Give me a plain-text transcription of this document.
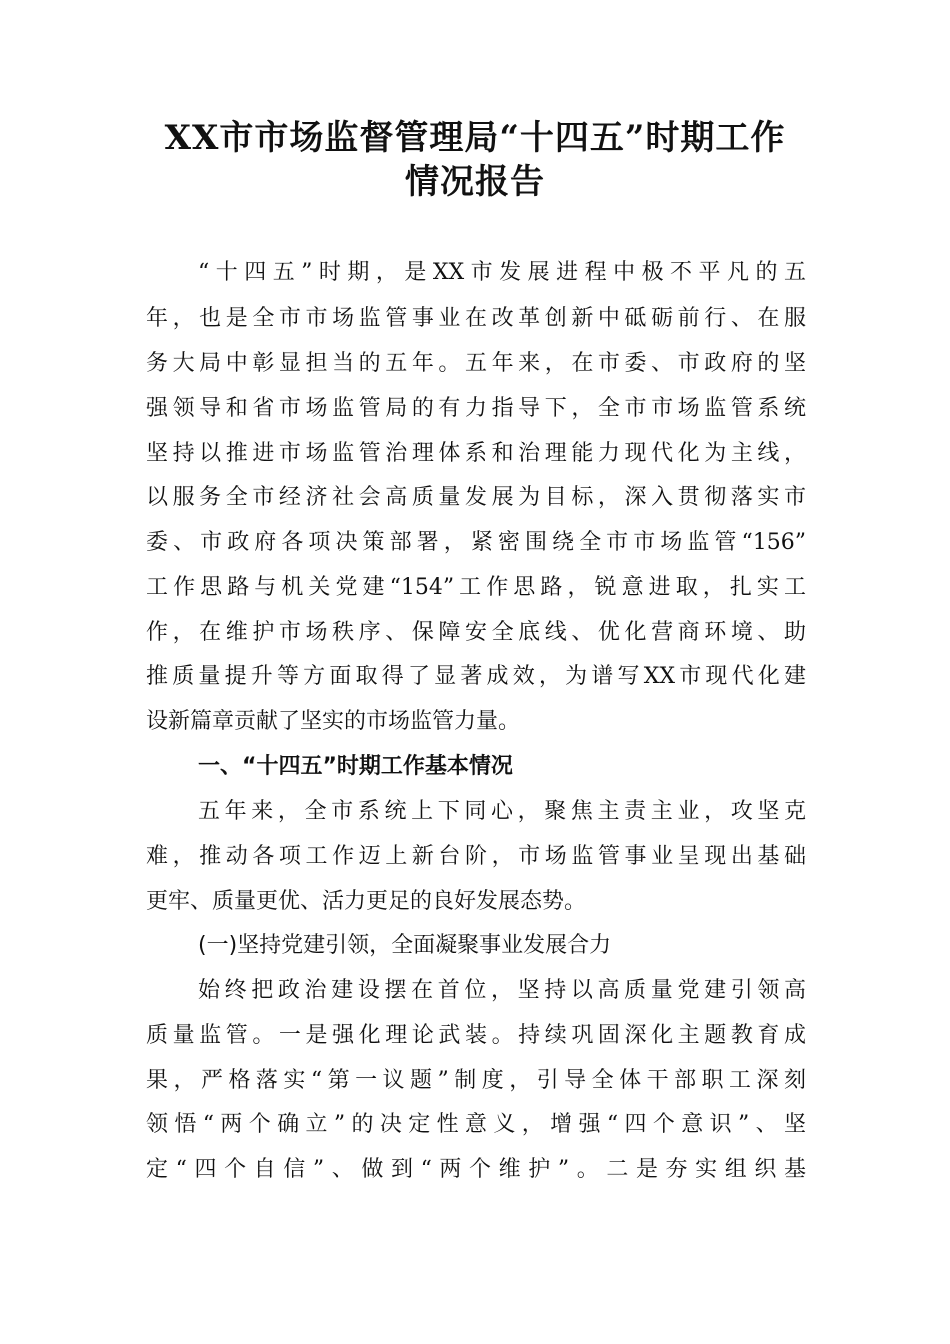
XX市市场监督管理局“十四五”时期工作
情况报告
“十四五”时期，是XX市发展进程中极不平凡的五
年，也是全市市场监管事业在改革创新中砥砺前行、在服
务大局中彰显担当的五年。五年来，在市委、市政府的坚
强领导和省市场监管局的有力指导下，全市市场监管系统
坚持以推进市场监管治理体系和治理能力现代化为主线，
以服务全市经济社会高质量发展为目标，深入贯彻落实市
委、市政府各项决策部署，紧密围绕全市市场监管“156”
工作思路与机关党建“154”工作思路，锐意进取，扎实工
作，在维护市场秩序、保障安全底线、优化营商环境、助
推质量提升等方面取得了显著成效，为谱写XX市现代化建
设新篇章贡献了坚实的市场监管力量。
一、“十四五”时期工作基本情况
五年来，全市系统上下同心，聚焦主责主业，攻坚克
难，推动各项工作迈上新台阶，市场监管事业呈现出基础
更牢、质量更优、活力更足的良好发展态势。
(一)坚持党建引领，全面凝聚事业发展合力
始终把政治建设摆在首位，坚持以高质量党建引领高
质量监管。一是强化理论武装。持续巩固深化主题教育成
果，严格落实“第一议题”制度，引导全体干部职工深刻
领悟“两个确立”的决定性意义，增强“四个意识”、坚
定“四个自信”、做到“两个维护”。二是夯实组织基
